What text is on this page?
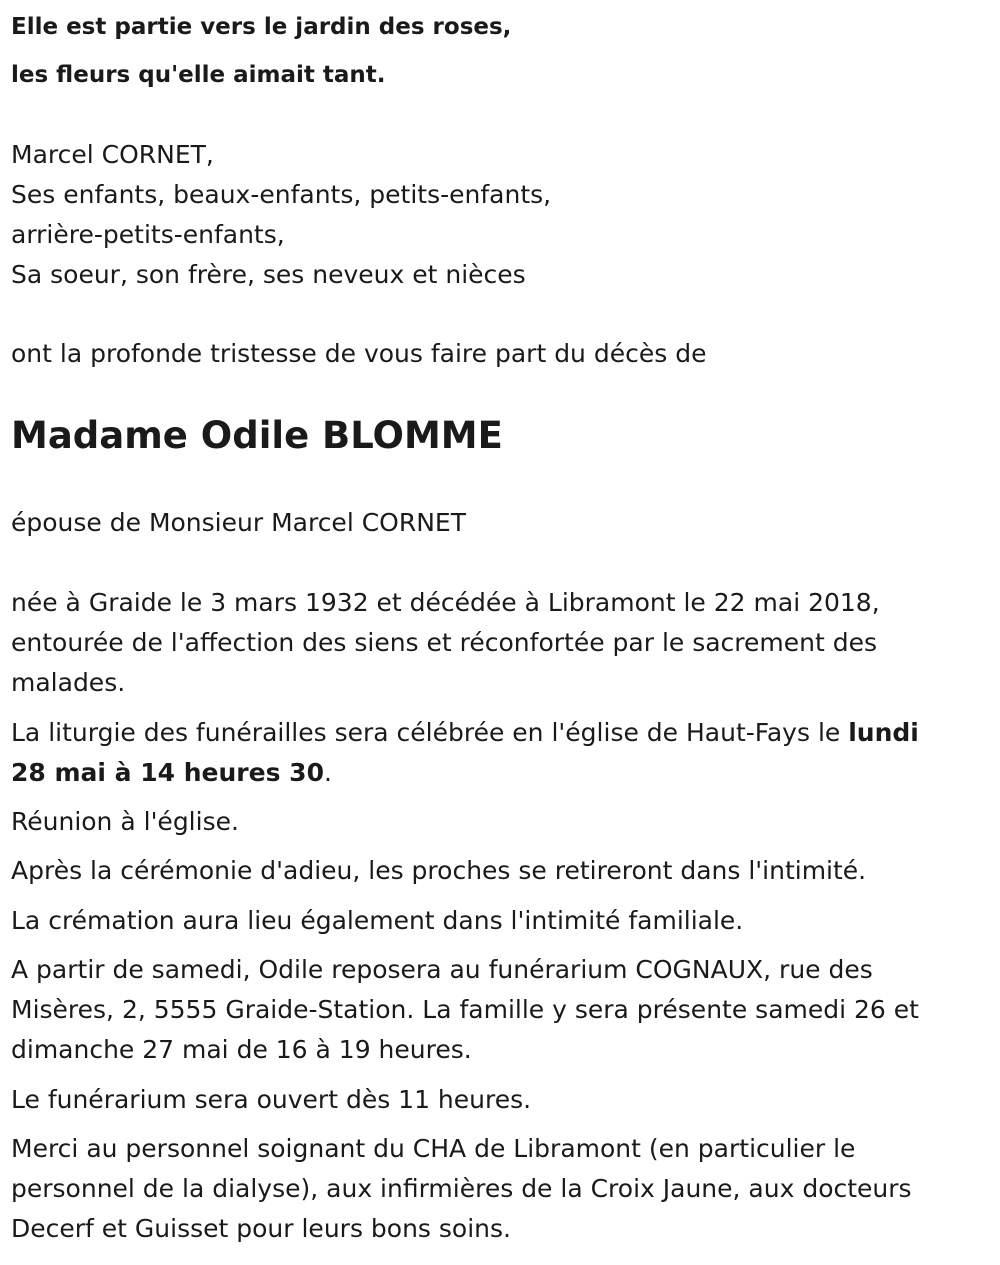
Elle est partie vers le jardin des roses,
les fleurs qu'elle aimait tant.
Marcel CORNET,
Ses enfants, beaux-enfants, petits-enfants,
arrière-petits-enfants,
Sa soeur, son frère, ses neveux et nièces
ont la profonde tristesse de vous faire part du décès de
Madame Odile BLOMME
épouse de Monsieur Marcel CORNET
née à Graide le 3 mars 1932 et décédée à Libramont le 22 mai 2018,
entourée de l'affection des siens et réconfortée par le sacrement des
malades.
La liturgie des funérailles sera célébrée en l'église de Haut-Fays le lundi
28 mai à 14 heures 30.
Réunion à l'église.
Après la cérémonie d'adieu, les proches se retireront dans l'intimité.
La crémation aura lieu également dans l'intimité familiale.
A partir de samedi, Odile reposera au funérarium COGNAUX, rue des
Misères, 2, 5555 Graide-Station. La famille y sera présente samedi 26 et
dimanche 27 mai de 16 à 19 heures.
Le funérarium sera ouvert dès 11 heures.
Merci au personnel soignant du CHA de Libramont (en particulier le
personnel de la dialyse), aux infirmières de la Croix Jaune, aux docteurs
Decerf et Guisset pour leurs bons soins.
